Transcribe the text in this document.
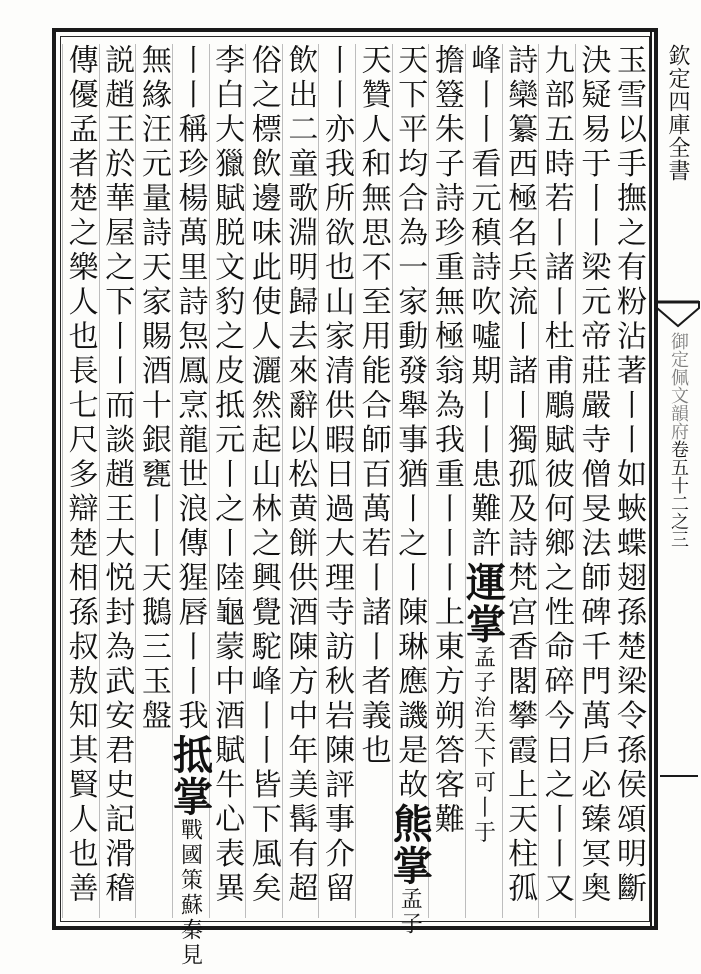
欽定四庫全書
御定佩文韻府卷五十二之三
玉雪以手撫之有粉沾著丨丨如蛺蝶翅孫楚梁令孫侯頌明斷
決疑易于丨丨梁元帝莊嚴寺僧旻法師碑千門萬戶必臻冥奥
九部五時若丨諸丨杜甫鵰賦彼何鄉之性命碎今日之丨丨又
詩欒纂西極名兵流丨諸丨獨孤及詩梵宫香閣攀霞上天柱孤
峰丨丨看元稹詩吹噓期丨丨患難許運掌孟子治天下可丨于
擔簦朱子詩珍重無極翁為我重丨丨丨上東方朔答客難
天下平均合為一家動發舉事猶丨之丨陳琳應譏是故熊掌孟子
天贊人和無思不至用能合師百萬若丨諸丨者義也
丨丨亦我所欲也山家清供暇日過大理寺訪秋岩陳評事介留
飲出二童歌淵明歸去來辭以松黄餅供酒陳方中年美髯有超
俗之標飲邊味此使人灑然起山林之興覺駝峰丨丨皆下風矣
李白大獵賦脱文豹之皮抵元丨之丨陸龜蒙中酒賦牛心表異
丨丨稱珍楊萬里詩炰鳳烹龍世浪傳猩唇丨丨我抵掌戰國策蘇秦見
無緣汪元量詩天家賜酒十銀甕丨丨天鵝三玉盤
説趙王於華屋之下丨丨而談趙王大悦封為武安君史記滑稽
傳優孟者楚之樂人也長七尺多辯楚相孫叔敖知其賢人也善
